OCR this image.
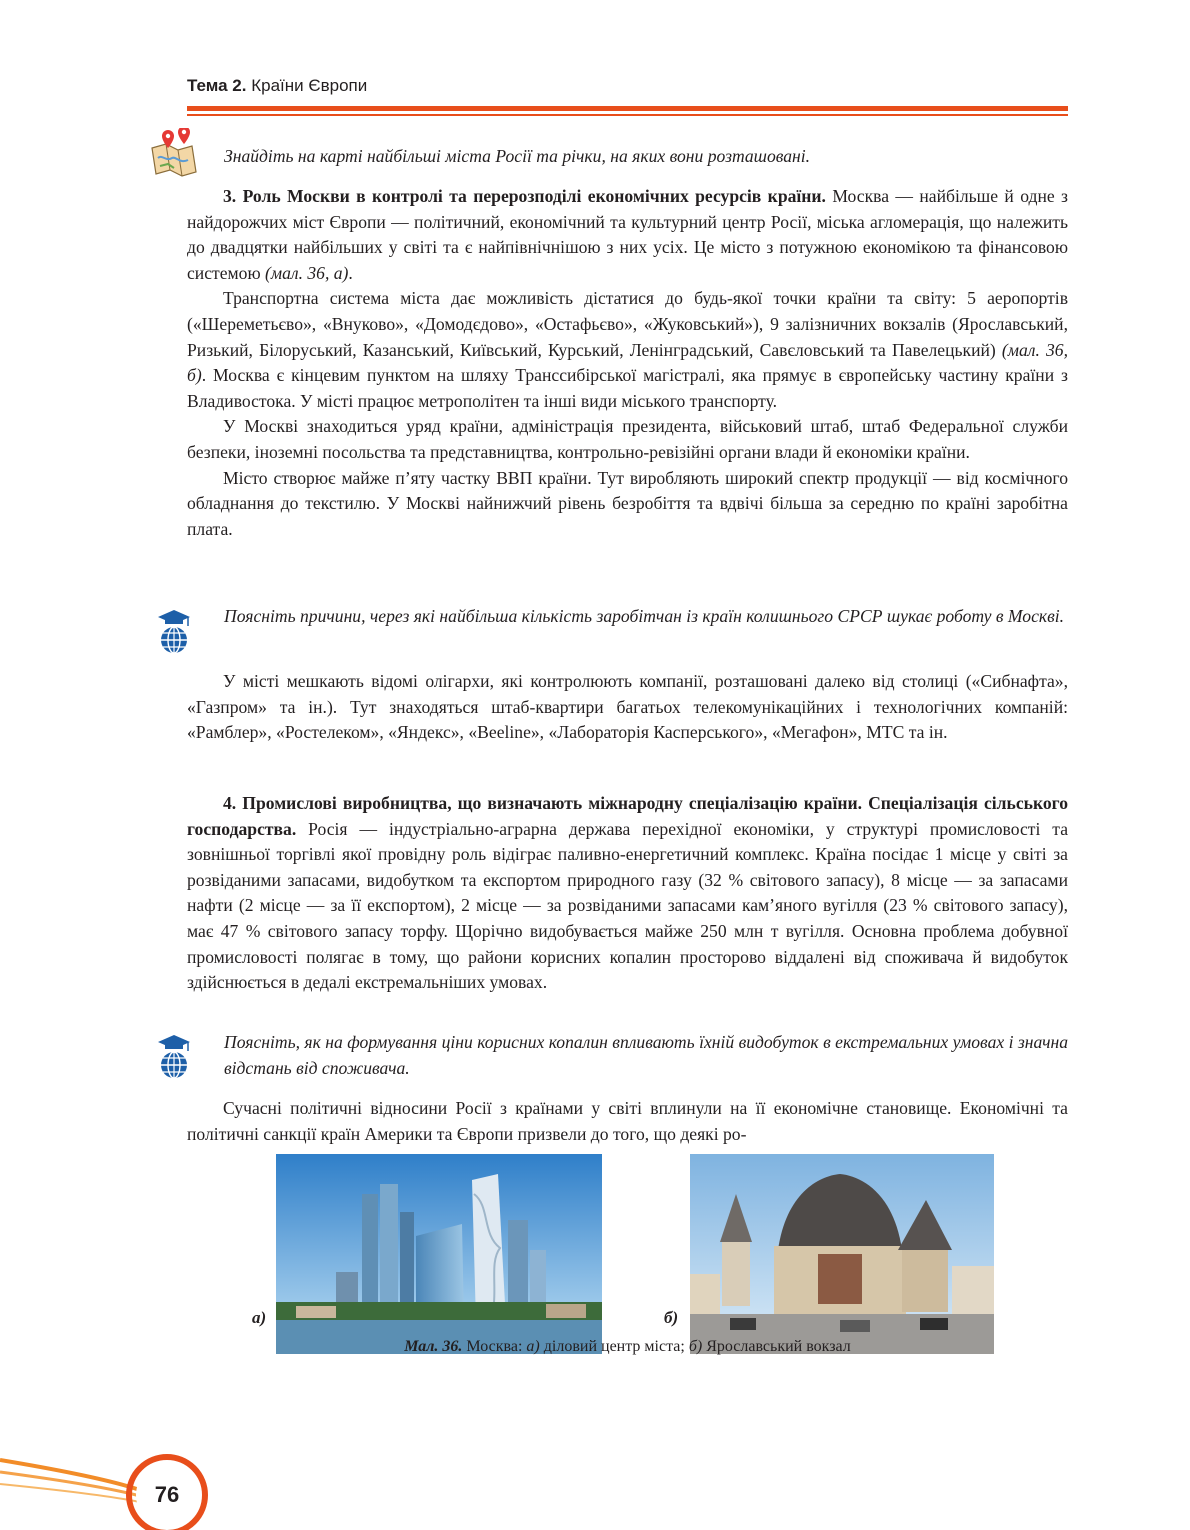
Тема 2. Країни Європи
Знайдіть на карті найбільші міста Росії та річки, на яких вони розташовані.

3. Роль Москви в контролі та перерозподілі економічних ресурсів країни. Москва — найбільше й одне з найдорожчих міст Європи — політичний, економічний та культурний центр Росії, міська агломерація, що належить до двадцятки найбільших у світі та є найпівнічнішою з них усіх. Це місто з потужною економікою та фінансовою системою (мал. 36, а).

Транспортна система міста дає можливість дістатися до будь-якої точки країни та світу: 5 аеропортів («Шереметьєво», «Внуково», «Домодєдово», «Остафьєво», «Жуковський»), 9 залізничних вокзалів (Ярославський, Ризький, Білоруський, Казанський, Київський, Курський, Ленінградський, Савєловський та Павелецький) (мал. 36, б). Москва є кінцевим пунктом на шляху Транссибірської магістралі, яка прямує в європейську частину країни з Владивостока. У місті працює метрополітен та інші види міського транспорту.

У Москві знаходиться уряд країни, адміністрація президента, військовий штаб, штаб Федеральної служби безпеки, іноземні посольства та представництва, контрольно-ревізійні органи влади й економіки країни.

Місто створює майже п’яту частку ВВП країни. Тут виробляють широкий спектр продукції — від космічного обладнання до текстилю. У Москві найнижчий рівень безробіття та вдвічі більша за середню по країні заробітна плата.

Поясніть причини, через які найбільша кількість заробітчан із країн колишнього СРСР шукає роботу в Москві.

У місті мешкають відомі олігархи, які контролюють компанії, розташовані далеко від столиці («Сибнафта», «Газпром» та ін.). Тут знаходяться штаб-квартири багатьох телекомунікаційних і технологічних компаній: «Рамблер», «Ростелеком», «Яндекс», «Beeline», «Лабораторія Касперського», «Мегафон», МТС та ін.

4. Промислові виробництва, що визначають міжнародну спеціалізацію країни. Спеціалізація сільського господарства. Росія — індустріально-аграрна держава перехідної економіки, у структурі промисловості та зовнішньої торгівлі якої провідну роль відіграє паливно-енергетичний комплекс. Країна посідає 1 місце у світі за розвіданими запасами, видобутком та експортом природного газу (32 % світового запасу), 8 місце — за запасами нафти (2 місце — за її експортом), 2 місце — за розвіданими запасами кам’яного вугілля (23 % світового запасу), має 47 % світового запасу торфу. Щорічно видобувається майже 250 млн т вугілля. Основна проблема добувної промисловості полягає в тому, що райони корисних копалин просторово віддалені від споживача й видобуток здійснюється в дедалі екстремальніших умовах.

Поясніть, як на формування ціни корисних копалин впливають їхній видобуток в екстремальних умовах і значна відстань від споживача.

Сучасні політичні відносини Росії з країнами у світі вплинули на її економічне становище. Економічні та політичні санкції країн Америки та Європи призвели до того, що деякі ро-

а)	б)
Мал. 36. Москва: а) діловий центр міста; б) Ярославський вокзал
76
